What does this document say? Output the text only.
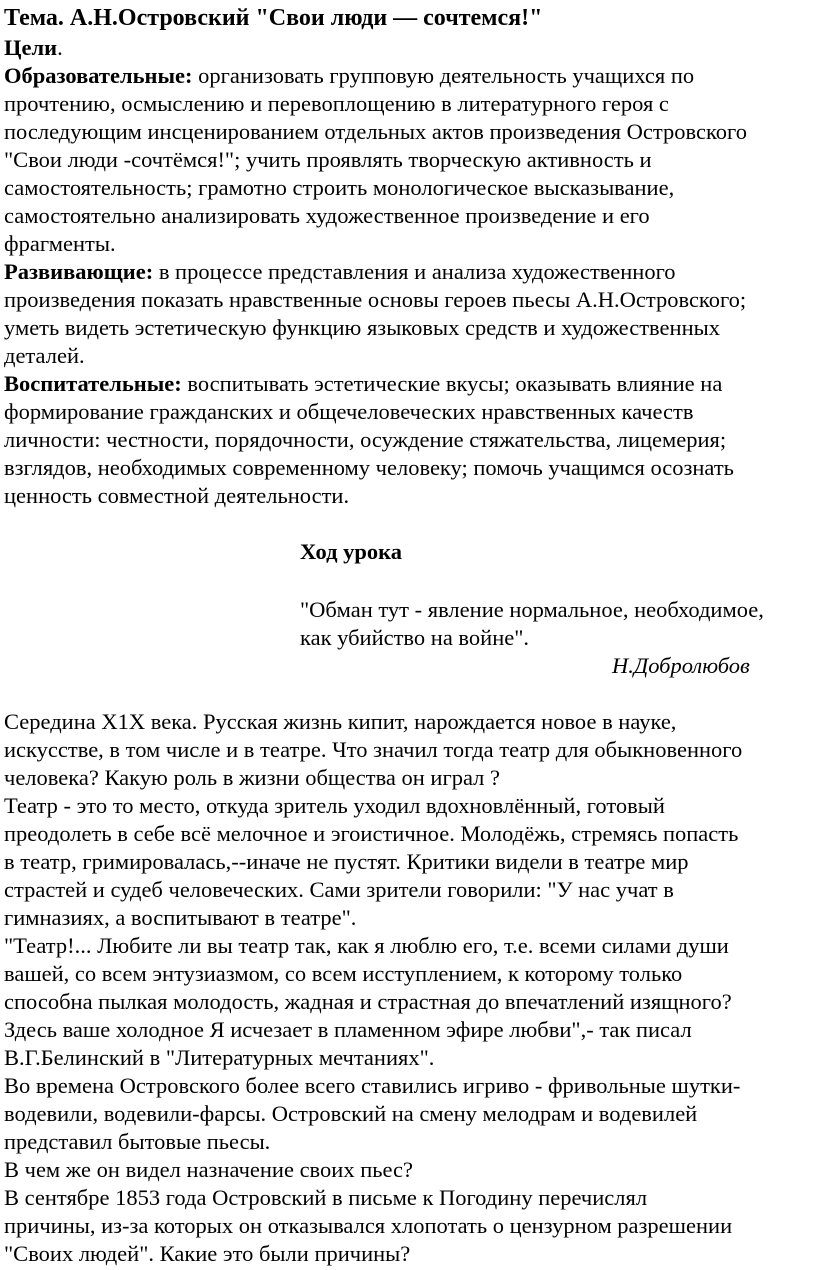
Тема. А.Н.Островский "Свои люди — сочтемся!"
Цели.
Образовательные: организовать групповую деятельность учащихся по
прочтению, осмыслению и перевоплощению в литературного героя с
последующим инсценированием отдельных актов произведения Островского
"Свои люди -сочтёмся!"; учить проявлять творческую активность и
самостоятельность; грамотно строить монологическое высказывание,
самостоятельно анализировать художественное произведение и его
фрагменты.
Развивающие: в процессе представления и анализа художественного
произведения показать нравственные основы героев пьесы А.Н.Островского;
уметь видеть эстетическую функцию языковых средств и художественных
деталей.
Воспитательные: воспитывать эстетические вкусы; оказывать влияние на
формирование гражданских и общечеловеческих нравственных качеств
личности: честности, порядочности, осуждение стяжательства, лицемерия;
взглядов, необходимых современному человеку; помочь учащимся осознать
ценность совместной деятельности.
Ход урока
"Обман тут - явление нормальное, необходимое,
как убийство на войне".
Н.Добролюбов
Середина Х1Х века. Русская жизнь кипит, нарождается новое в науке,
искусстве, в том числе и в театре. Что значил тогда театр для обыкновенного
человека? Какую роль в жизни общества он играл ?
Театр - это то место, откуда зритель уходил вдохновлённый, готовый
преодолеть в себе всё мелочное и эгоистичное. Молодёжь, стремясь попасть
в театр, гримировалась,--иначе не пустят. Критики видели в театре мир
страстей и судеб человеческих. Сами зрители говорили: "У нас учат в
гимназиях, а воспитывают в театре".
"Театр!... Любите ли вы театр так, как я люблю его, т.е. всеми силами души
вашей, со всем энтузиазмом, со всем исступлением, к которому только
способна пылкая молодость, жадная и страстная до впечатлений изящного?
Здесь ваше холодное Я исчезает в пламенном эфире любви",- так писал
В.Г.Белинский в "Литературных мечтаниях".
Во времена Островского более всего ставились игриво - фривольные шутки-
водевили, водевили-фарсы. Островский на смену мелодрам и водевилей
представил бытовые пьесы.
В чем же он видел назначение своих пьес?
В сентябре 1853 года Островский в письме к Погодину перечислял
причины, из-за которых он отказывался хлопотать о цензурном разрешении
"Своих людей". Какие это были причины?
